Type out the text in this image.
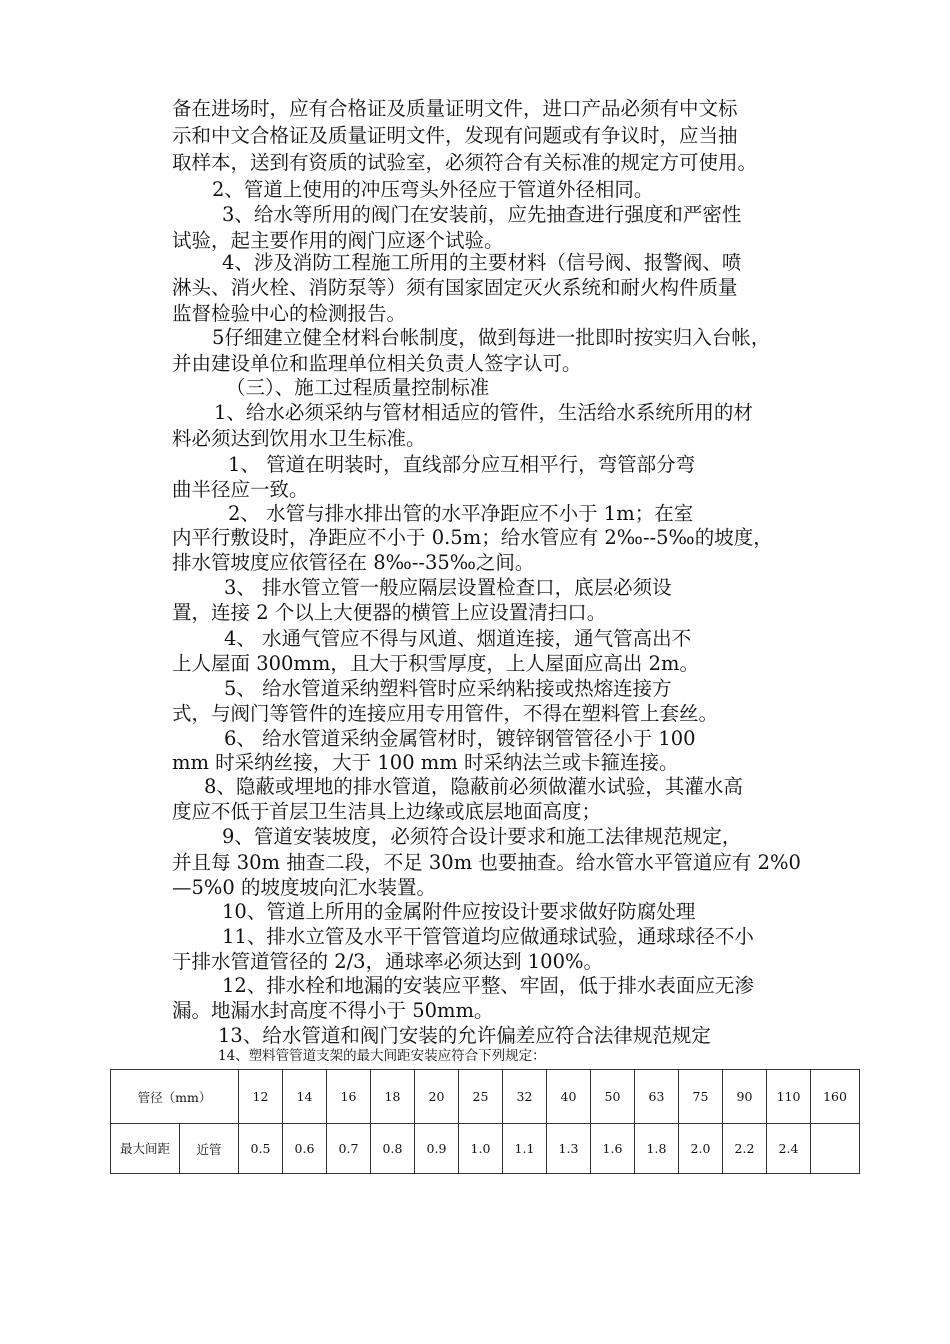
备在进场时，应有合格证及质量证明文件，进口产品必须有中文标
示和中文合格证及质量证明文件，发现有问题或有争议时，应当抽
取样本，送到有资质的试验室，必须符合有关标准的规定方可使用。
2、管道上使用的冲压弯头外径应于管道外径相同。
3、给水等所用的阀门在安装前，应先抽查进行强度和严密性
试验，起主要作用的阀门应逐个试验。
4、涉及消防工程施工所用的主要材料（信号阀、报警阀、喷
淋头、消火栓、消防泵等）须有国家固定灭火系统和耐火构件质量
监督检验中心的检测报告。
5仔细建立健全材料台帐制度，做到每进一批即时按实归入台帐，
并由建设单位和监理单位相关负责人签字认可。
（三）、施工过程质量控制标准
1、给水必须采纳与管材相适应的管件，生活给水系统所用的材
料必须达到饮用水卫生标准。
1、 管道在明装时，直线部分应互相平行，弯管部分弯
曲半径应一致。
2、 水管与排水排出管的水平净距应不小于 1m；在室
内平行敷设时，净距应不小于 0.5m；给水管应有 2‰--5‰的坡度，
排水管坡度应依管径在 8‰--35‰之间。
3、 排水管立管一般应隔层设置检查口，底层必须设
置，连接 2 个以上大便器的横管上应设置清扫口。
4、 水通气管应不得与风道、烟道连接，通气管高出不
上人屋面 300mm，且大于积雪厚度，上人屋面应高出 2m。
5、 给水管道采纳塑料管时应采纳粘接或热熔连接方
式，与阀门等管件的连接应用专用管件，不得在塑料管上套丝。
6、 给水管道采纳金属管材时，镀锌钢管管径小于 100
mm 时采纳丝接，大于 100 mm 时采纳法兰或卡箍连接。
8、隐蔽或埋地的排水管道，隐蔽前必须做灌水试验，其灌水高
度应不低于首层卫生洁具上边缘或底层地面高度；
9、管道安装坡度，必须符合设计要求和施工法律规范规定，
并且每 30m 抽查二段，不足 30m 也要抽查。给水管水平管道应有 2%0
—5%0 的坡度坡向汇水装置。
10、管道上所用的金属附件应按设计要求做好防腐处理
11、排水立管及水平干管管道均应做通球试验，通球球径不小
于排水管道管径的 2/3，通球率必须达到 100%。
12、排水栓和地漏的安装应平整、牢固，低于排水表面应无渗
漏。地漏水封高度不得小于 50mm。
13、给水管道和阀门安装的允许偏差应符合法律规范规定
14、塑料管管道支架的最大间距安装应符合下列规定：
管径（mm）		12	14	16	18	20	25	32	40	50	63	75	90	110	160
最大间距	近管	0.5	0.6	0.7	0.8	0.9	1.0	1.1	1.3	1.6	1.8	2.0	2.2	2.4	
